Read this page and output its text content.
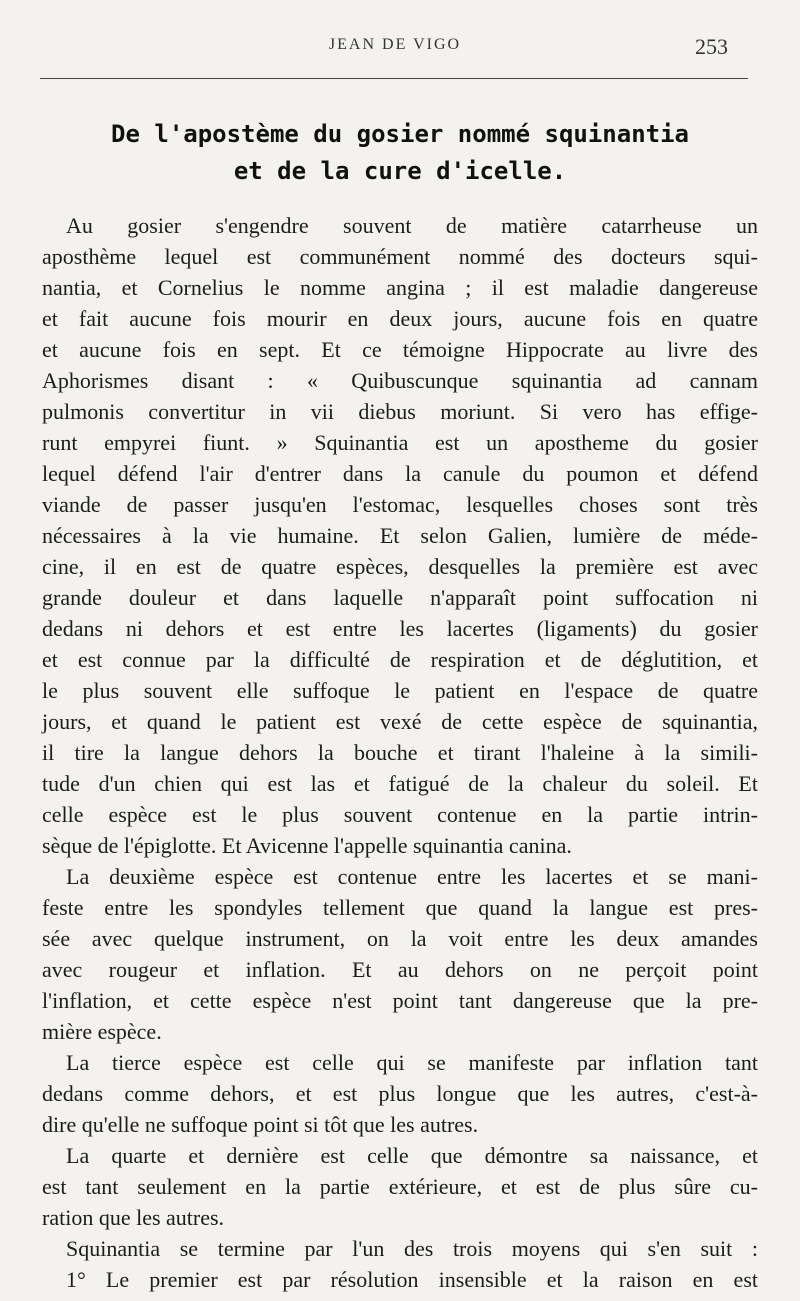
JEAN DE VIGO	253
De l'apostème du gosier nommé squinantia
et de la cure d'icelle.
Au gosier s'engendre souvent de matière catarrheuse un
aposthème lequel est communément nommé des docteurs squi-
nantia, et Cornelius le nomme angina ; il est maladie dangereuse
et fait aucune fois mourir en deux jours, aucune fois en quatre
et aucune fois en sept. Et ce témoigne Hippocrate au livre des
Aphorismes disant : « Quibuscunque squinantia ad cannam
pulmonis convertitur in vii diebus moriunt. Si vero has effige-
runt empyrei fiunt. » Squinantia est un apostheme du gosier
lequel défend l'air d'entrer dans la canule du poumon et défend
viande de passer jusqu'en l'estomac, lesquelles choses sont très
nécessaires à la vie humaine. Et selon Galien, lumière de méde-
cine, il en est de quatre espèces, desquelles la première est avec
grande douleur et dans laquelle n'apparaît point suffocation ni
dedans ni dehors et est entre les lacertes (ligaments) du gosier
et est connue par la difficulté de respiration et de déglutition, et
le plus souvent elle suffoque le patient en l'espace de quatre
jours, et quand le patient est vexé de cette espèce de squinantia,
il tire la langue dehors la bouche et tirant l'haleine à la simili-
tude d'un chien qui est las et fatigué de la chaleur du soleil. Et
celle espèce est le plus souvent contenue en la partie intrin-
sèque de l'épiglotte. Et Avicenne l'appelle squinantia canina.
La deuxième espèce est contenue entre les lacertes et se mani-
feste entre les spondyles tellement que quand la langue est pres-
sée avec quelque instrument, on la voit entre les deux amandes
avec rougeur et inflation. Et au dehors on ne perçoit point
l'inflation, et cette espèce n'est point tant dangereuse que la pre-
mière espèce.
La tierce espèce est celle qui se manifeste par inflation tant
dedans comme dehors, et est plus longue que les autres, c'est-à-
dire qu'elle ne suffoque point si tôt que les autres.
La quarte et dernière est celle que démontre sa naissance, et
est tant seulement en la partie extérieure, et est de plus sûre cu-
ration que les autres.
Squinantia se termine par l'un des trois moyens qui s'en suit :
1° Le premier est par résolution insensible et la raison en est
